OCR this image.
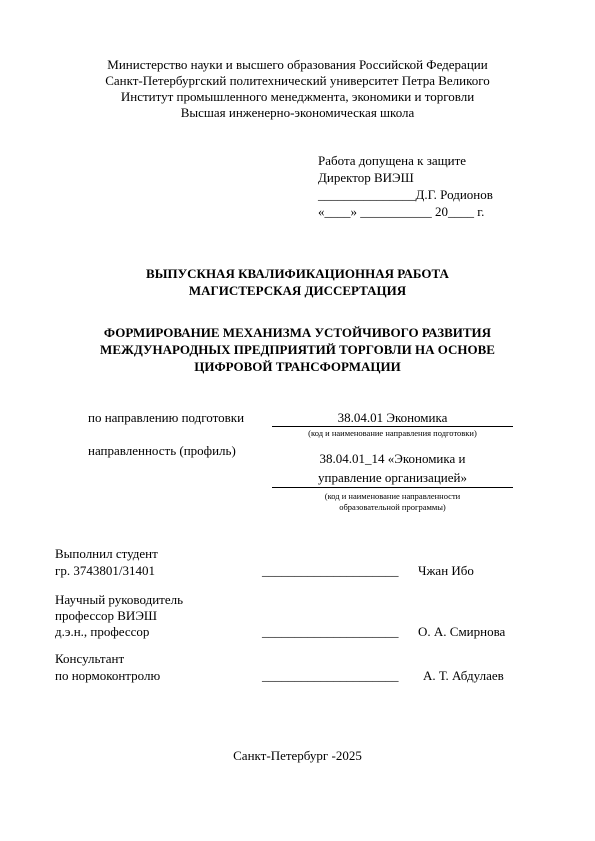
Министерство науки и высшего образования Российской Федерации
Санкт-Петербургский политехнический университет Петра Великого
Институт промышленного менеджмента, экономики и торговли
Высшая инженерно-экономическая школа
Работа допущена к защите
Директор ВИЭШ
_______________Д.Г. Родионов
«____» ___________ 20____ г.
ВЫПУСКНАЯ КВАЛИФИКАЦИОННАЯ РАБОТА
МАГИСТЕРСКАЯ ДИССЕРТАЦИЯ
ФОРМИРОВАНИЕ МЕХАНИЗМА УСТОЙЧИВОГО РАЗВИТИЯ
МЕЖДУНАРОДНЫХ ПРЕДПРИЯТИЙ ТОРГОВЛИ НА ОСНОВЕ
ЦИФРОВОЙ ТРАНСФОРМАЦИИ
по направлению подготовки	38.04.01 Экономика
(код и наименование направления подготовки)
направленность (профиль)
38.04.01_14 «Экономика и
управление организацией»
(код и наименование направленности
образовательной программы)
Выполнил студент
гр. 3743801/31401	_____________________ Чжан Ибо
Научный руководитель
профессор ВИЭШ
д.э.н., профессор	_____________________ О. А. Смирнова
Консультант
по нормоконтролю	_____________________ А. Т. Абдулаев
Санкт-Петербург -2025
